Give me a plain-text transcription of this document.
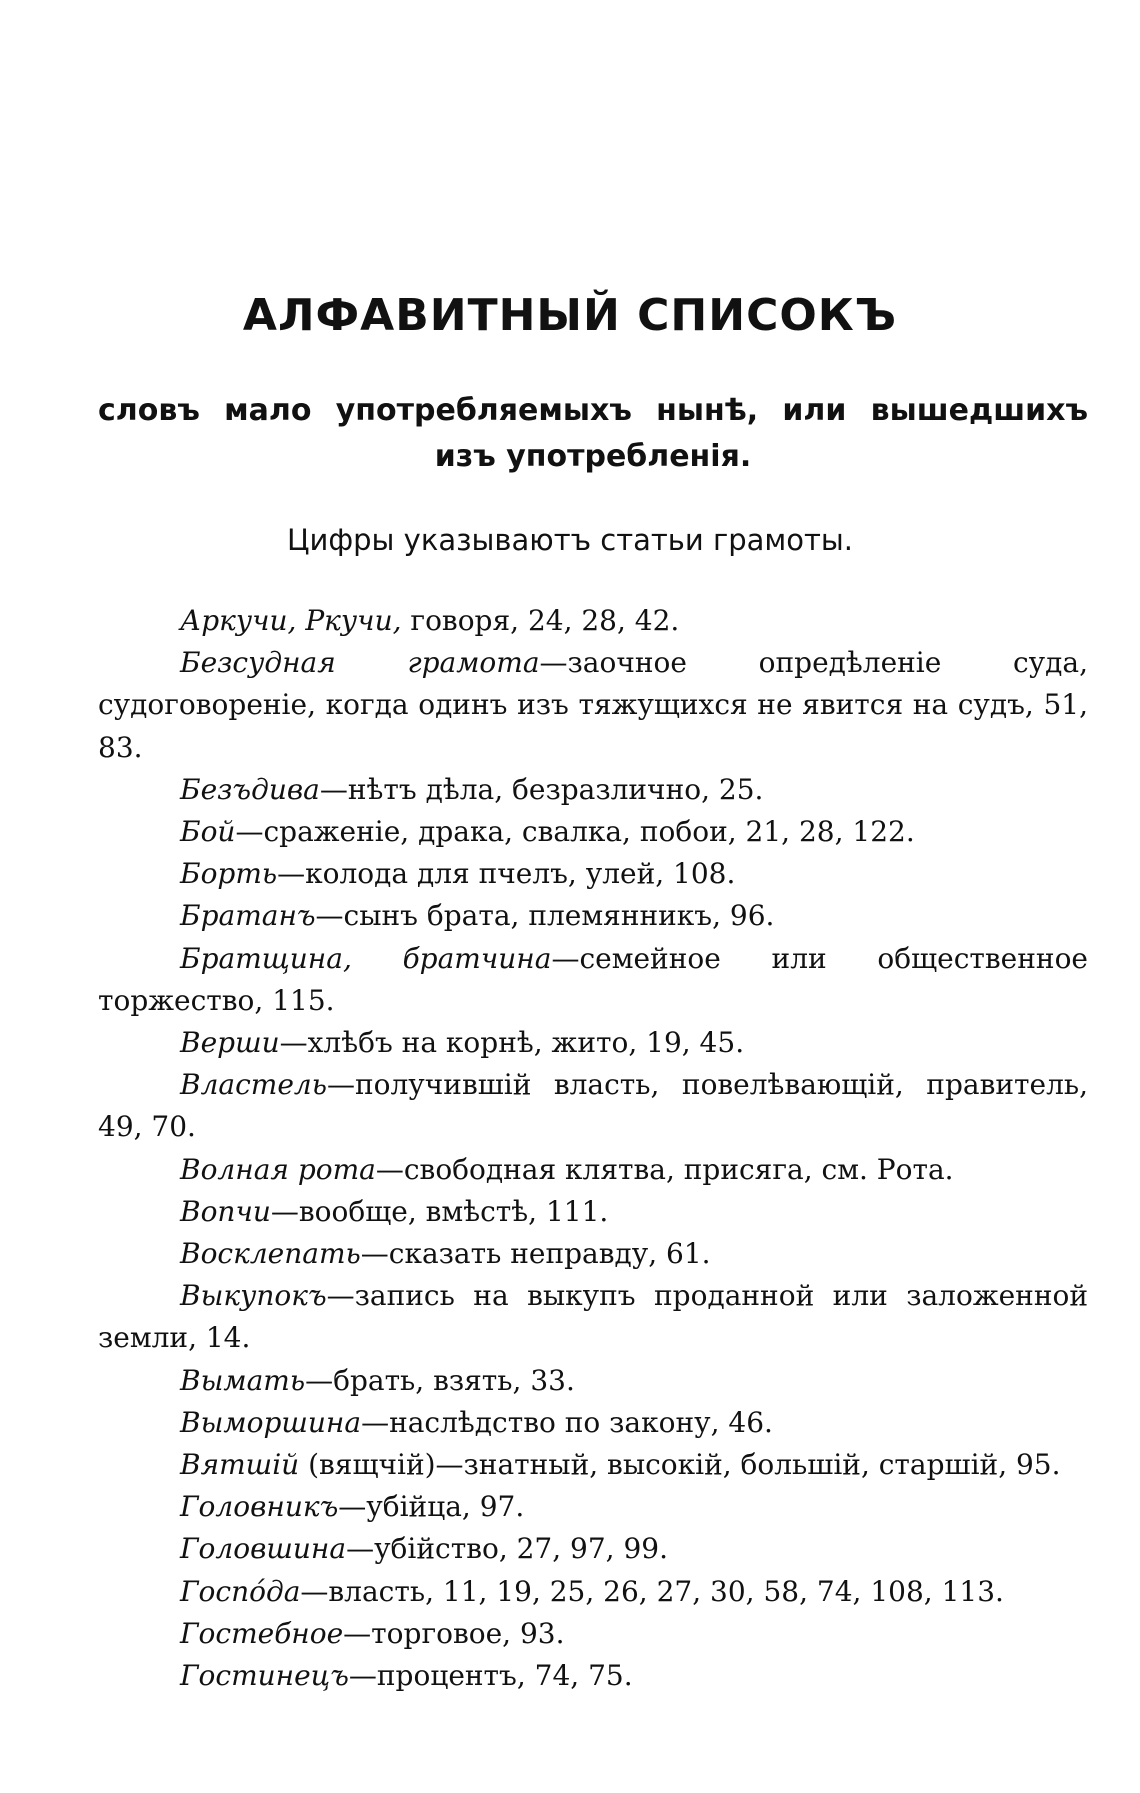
АЛФАВИТНЫЙ СПИСОКЪ
словъ мало употребляемыхъ нынѣ, или вышедшихъ изъ употребленія.
Цифры указываютъ статьи грамоты.

Аркучи, Ркучи, говоря, 24, 28, 42.

Безсудная грамота—заочное опредѣленіе суда, судоговореніе, когда одинъ изъ тяжущихся не явится на судъ, 51, 83.

Безъдива—нѣтъ дѣла, безразлично, 25.

Бой—сраженіе, драка, свалка, побои, 21, 28, 122.

Борть—колода для пчелъ, улей, 108.

Братанъ—сынъ брата, племянникъ, 96.

Братщина, братчина—семейное или общественное торжество, 115.

Верши—хлѣбъ на корнѣ, жито, 19, 45.

Властель—получившій власть, повелѣвающій, правитель, 49, 70.

Волная рота—свободная клятва, присяга, см. Рота.

Вопчи—вообще, вмѣстѣ, 111.

Восклепать—сказать неправду, 61.

Выкупокъ—запись на выкупъ проданной или заложенной земли, 14.

Вымать—брать, взять, 33.

Выморшина—наслѣдство по закону, 46.

Вятшій (вящчій)—знатный, высокій, большій, старшій, 95.

Головникъ—убійца, 97.

Головшина—убійство, 27, 97, 99.

Госпóда—власть, 11, 19, 25, 26, 27, 30, 58, 74, 108, 113.

Гостебное—торговое, 93.

Гостинецъ—процентъ, 74, 75.
